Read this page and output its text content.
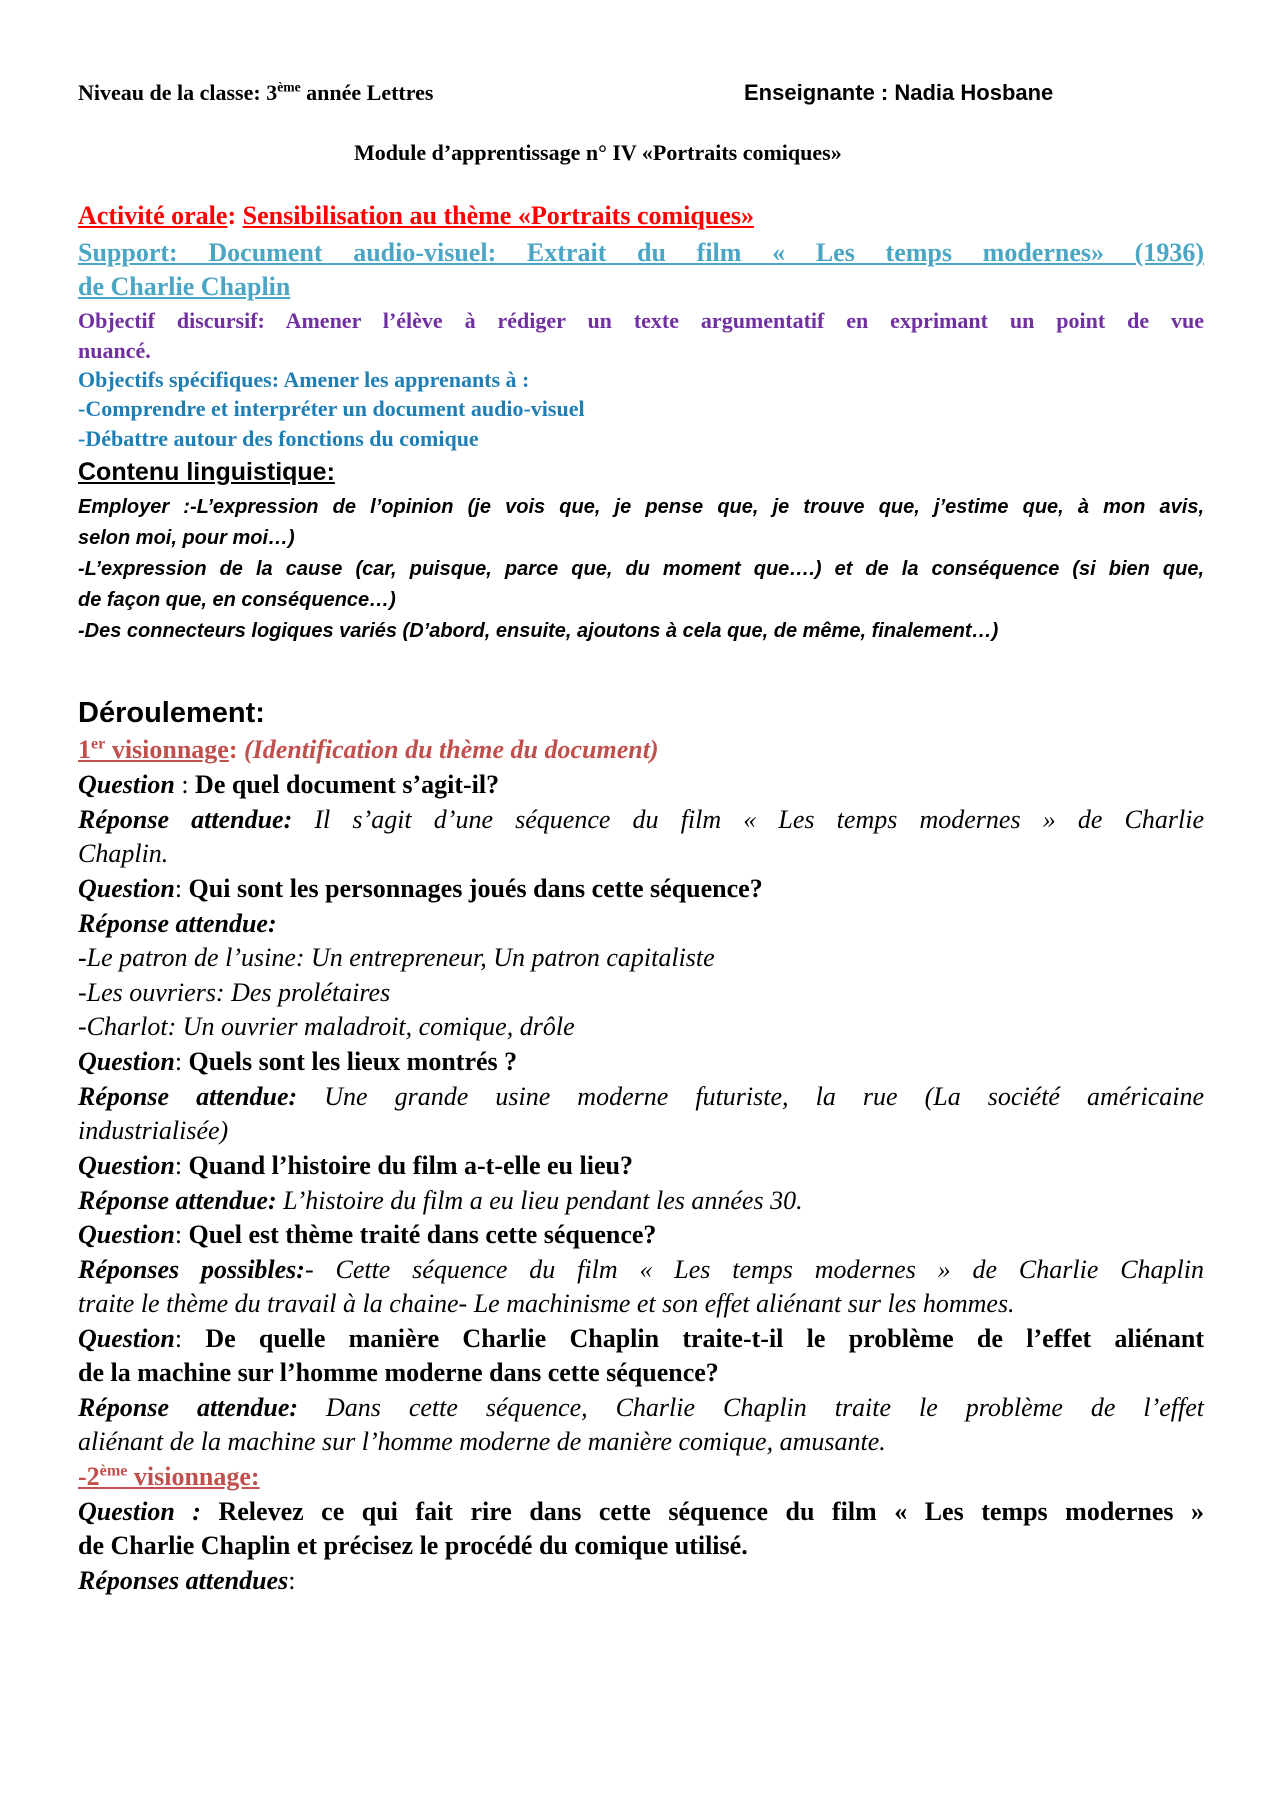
Niveau de la classe: 3ème année Lettres	Enseignante : Nadia Hosbane
Module d’apprentissage n° IV «Portraits comiques»
Activité orale: Sensibilisation au thème «Portraits comiques»
Support: Document audio-visuel: Extrait du film « Les temps modernes» (1936)
de Charlie Chaplin
Objectif discursif: Amener l’élève à rédiger un texte argumentatif en exprimant un point de vue
nuancé.
Objectifs spécifiques: Amener les apprenants à :
-Comprendre et interpréter un document audio-visuel
-Débattre autour des fonctions du comique
Contenu linguistique:
Employer :-L’expression de l’opinion (je vois que, je pense que, je trouve que, j’estime que, à mon avis,
selon moi, pour moi…)
-L’expression de la cause (car, puisque, parce que, du moment que….) et de la conséquence (si bien que,
de façon que, en conséquence…)
-Des connecteurs logiques variés (D’abord, ensuite, ajoutons à cela que, de même, finalement…)
Déroulement:
1er visionnage: (Identification du thème du document)
Question : De quel document s’agit-il?
Réponse attendue: Il s’agit d’une séquence du film « Les temps modernes » de Charlie
Chaplin.
Question: Qui sont les personnages joués dans cette séquence?
Réponse attendue:
-Le patron de l’usine: Un entrepreneur, Un patron capitaliste
-Les ouvriers: Des prolétaires
-Charlot: Un ouvrier maladroit, comique, drôle
Question: Quels sont les lieux montrés ?
Réponse attendue: Une grande usine moderne futuriste, la rue (La société américaine
industrialisée)
Question: Quand l’histoire du film a-t-elle eu lieu?
Réponse attendue: L’histoire du film a eu lieu pendant les années 30.
Question: Quel est thème traité dans cette séquence?
Réponses possibles:- Cette séquence du film « Les temps modernes » de Charlie Chaplin
traite le thème du travail à la chaine- Le machinisme et son effet aliénant sur les hommes.
Question: De quelle manière Charlie Chaplin traite-t-il le problème de l’effet aliénant
de la machine sur l’homme moderne dans cette séquence?
Réponse attendue: Dans cette séquence, Charlie Chaplin traite le problème de l’effet
aliénant de la machine sur l’homme moderne de manière comique, amusante.
-2ème visionnage:
Question : Relevez ce qui fait rire dans cette séquence du film « Les temps modernes »
de Charlie Chaplin et précisez le procédé du comique utilisé.
Réponses attendues:
